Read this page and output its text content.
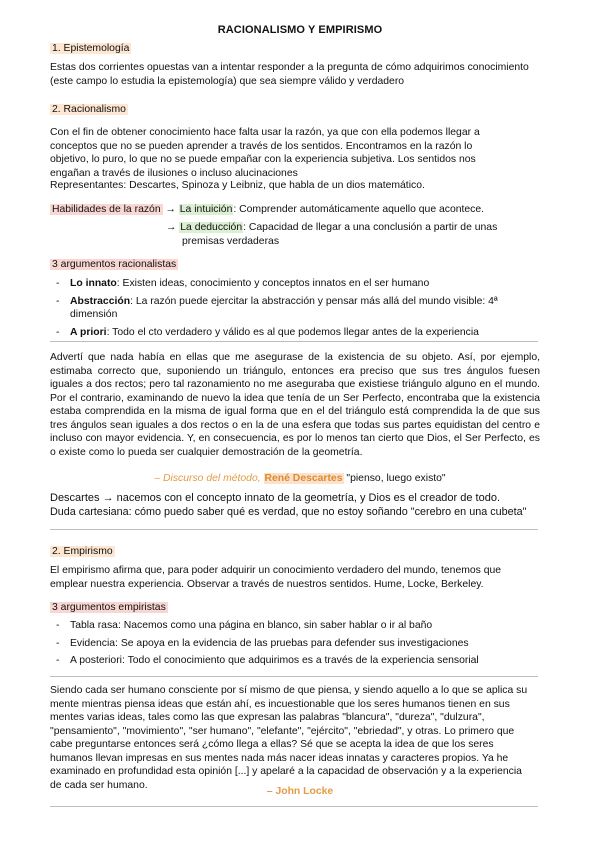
RACIONALISMO Y EMPIRISMO
1. Epistemología
Estas dos corrientes opuestas van a intentar responder a la pregunta de cómo adquirimos conocimiento (este campo lo estudia la epistemología) que sea siempre válido y verdadero
2. Racionalismo
Con el fin de obtener conocimiento hace falta usar la razón, ya que con ella podemos llegar a conceptos que no se pueden aprender a través de los sentidos. Encontramos en la razón lo objetivo, lo puro, lo que no se puede empañar con la experiencia subjetiva. Los sentidos nos engañan a través de ilusiones o incluso alucinaciones
Representantes: Descartes, Spinoza y Leibniz, que habla de un dios matemático.
Habilidades de la razón → La intuición: Comprender automáticamente aquello que acontece.
→ La deducción: Capacidad de llegar a una conclusión a partir de unas
premisas verdaderas
3 argumentos racionalistas
- Lo innato: Existen ideas, conocimiento y conceptos innatos en el ser humano
- Abstracción: La razón puede ejercitar la abstracción y pensar más allá del mundo visible: 4ª dimensión
- A priori: Todo el cto verdadero y válido es al que podemos llegar antes de la experiencia
Advertí que nada había en ellas que me asegurase de la existencia de su objeto. Así, por ejemplo, estimaba correcto que, suponiendo un triángulo, entonces era preciso que sus tres ángulos fuesen iguales a dos rectos; pero tal razonamiento no me aseguraba que existiese triángulo alguno en el mundo. Por el contrario, examinando de nuevo la idea que tenía de un Ser Perfecto, encontraba que la existencia estaba comprendida en la misma de igual forma que en el del triángulo está comprendida la de que sus tres ángulos sean iguales a dos rectos o en la de una esfera que todas sus partes equidistan del centro e incluso con mayor evidencia. Y, en consecuencia, es por lo menos tan cierto que Dios, el Ser Perfecto, es o existe como lo pueda ser cualquier demostración de la geometría.
– Discurso del método, René Descartes "pienso, luego existo"
Descartes → nacemos con el concepto innato de la geometría, y Dios es el creador de todo.
Duda cartesiana: cómo puedo saber qué es verdad, que no estoy soñando "cerebro en una cubeta"
2. Empirismo
El empirismo afirma que, para poder adquirir un conocimiento verdadero del mundo, tenemos que emplear nuestra experiencia. Observar a través de nuestros sentidos. Hume, Locke, Berkeley.
3 argumentos empiristas
- Tabla rasa: Nacemos como una página en blanco, sin saber hablar o ir al baño
- Evidencia: Se apoya en la evidencia de las pruebas para defender sus investigaciones
- A posteriori: Todo el conocimiento que adquirimos es a través de la experiencia sensorial
Siendo cada ser humano consciente por sí mismo de que piensa, y siendo aquello a lo que se aplica su mente mientras piensa ideas que están ahí, es incuestionable que los seres humanos tienen en sus mentes varias ideas, tales como las que expresan las palabras "blancura", "dureza", "dulzura", "pensamiento", "movimiento", "ser humano", "elefante", "ejército", "ebriedad", y otras. Lo primero que cabe preguntarse entonces será ¿cómo llega a ellas? Sé que se acepta la idea de que los seres humanos llevan impresas en sus mentes nada más nacer ideas innatas y caracteres propios. Ya he examinado en profundidad esta opinión [...] y apelaré a la capacidad de observación y a la experiencia de cada ser humano.
– John Locke
